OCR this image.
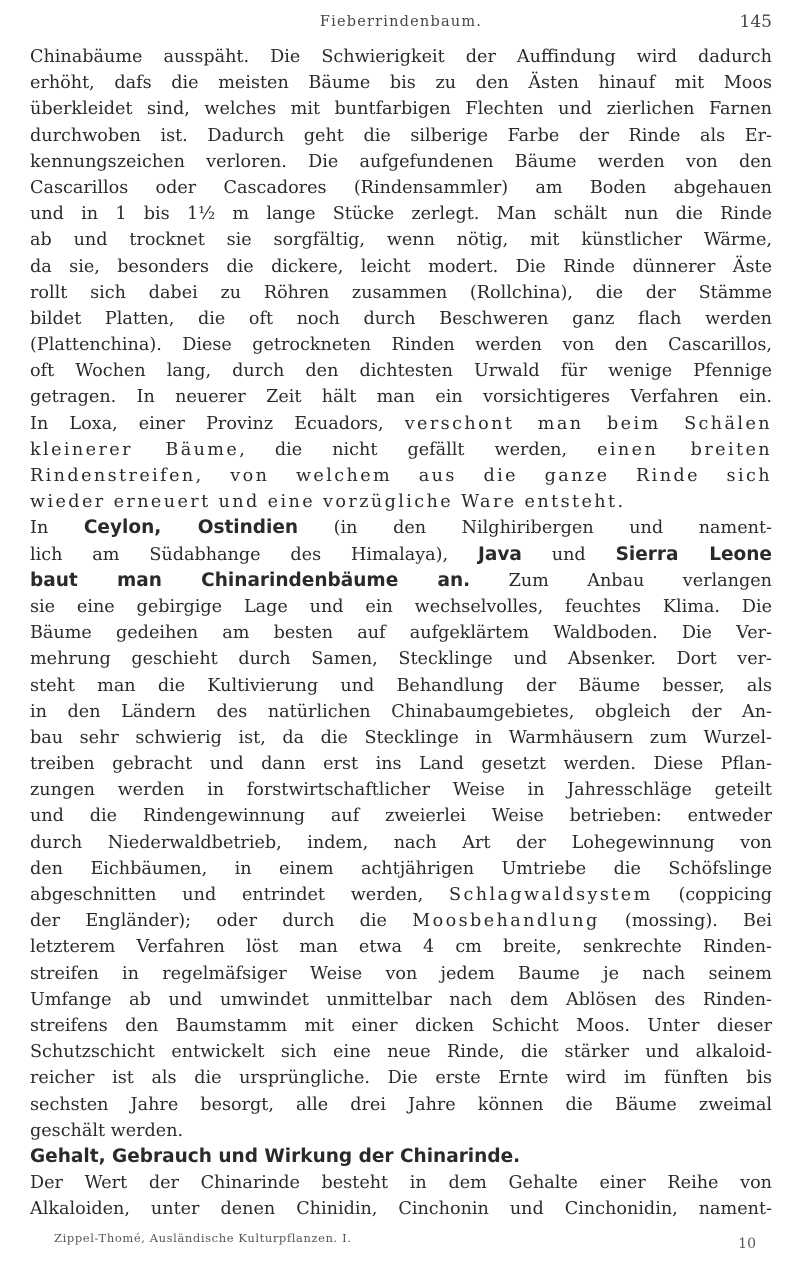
Fieberrindenbaum.	145
Chinabäume ausspäht. Die Schwierigkeit der Auffindung wird dadurch
erhöht, dafs die meisten Bäume bis zu den Ästen hinauf mit Moos
überkleidet sind, welches mit buntfarbigen Flechten und zierlichen Farnen
durchwoben ist. Dadurch geht die silberige Farbe der Rinde als Er-
kennungszeichen verloren. Die aufgefundenen Bäume werden von den
Cascarillos oder Cascadores (Rindensammler) am Boden abgehauen
und in 1 bis 1½ m lange Stücke zerlegt. Man schält nun die Rinde
ab und trocknet sie sorgfältig, wenn nötig, mit künstlicher Wärme,
da sie, besonders die dickere, leicht modert. Die Rinde dünnerer Äste
rollt sich dabei zu Röhren zusammen (Rollchina), die der Stämme
bildet Platten, die oft noch durch Beschweren ganz flach werden
(Plattenchina). Diese getrockneten Rinden werden von den Cascarillos,
oft Wochen lang, durch den dichtesten Urwald für wenige Pfennige
getragen. In neuerer Zeit hält man ein vorsichtigeres Verfahren ein.
In Loxa, einer Provinz Ecuadors, verschont man beim Schälen
kleinerer Bäume, die nicht gefällt werden, einen breiten
Rindenstreifen, von welchem aus die ganze Rinde sich
wieder erneuert und eine vorzügliche Ware entsteht.
In Ceylon, Ostindien (in den Nilghiribergen und nament-
lich am Südabhange des Himalaya), Java und Sierra Leone
baut man Chinarindenbäume an. Zum Anbau verlangen
sie eine gebirgige Lage und ein wechselvolles, feuchtes Klima. Die
Bäume gedeihen am besten auf aufgeklärtem Waldboden. Die Ver-
mehrung geschieht durch Samen, Stecklinge und Absenker. Dort ver-
steht man die Kultivierung und Behandlung der Bäume besser, als
in den Ländern des natürlichen Chinabaumgebietes, obgleich der An-
bau sehr schwierig ist, da die Stecklinge in Warmhäusern zum Wurzel-
treiben gebracht und dann erst ins Land gesetzt werden. Diese Pflan-
zungen werden in forstwirtschaftlicher Weise in Jahresschläge geteilt
und die Rindengewinnung auf zweierlei Weise betrieben: entweder
durch Niederwaldbetrieb, indem, nach Art der Lohegewinnung von
den Eichbäumen, in einem achtjährigen Umtriebe die Schöfslinge
abgeschnitten und entrindet werden, Schlagwaldsystem (coppicing
der Engländer); oder durch die Moosbehandlung (mossing). Bei
letzterem Verfahren löst man etwa 4 cm breite, senkrechte Rinden-
streifen in regelmäfsiger Weise von jedem Baume je nach seinem
Umfange ab und umwindet unmittelbar nach dem Ablösen des Rinden-
streifens den Baumstamm mit einer dicken Schicht Moos. Unter dieser
Schutzschicht entwickelt sich eine neue Rinde, die stärker und alkaloid-
reicher ist als die ursprüngliche. Die erste Ernte wird im fünften bis
sechsten Jahre besorgt, alle drei Jahre können die Bäume zweimal
geschält werden.
Gehalt, Gebrauch und Wirkung der Chinarinde.
Der Wert der Chinarinde besteht in dem Gehalte einer Reihe von
Alkaloiden, unter denen Chinidin, Cinchonin und Cinchonidin, nament-
Zippel-Thomé, Ausländische Kulturpflanzen. I.	10
